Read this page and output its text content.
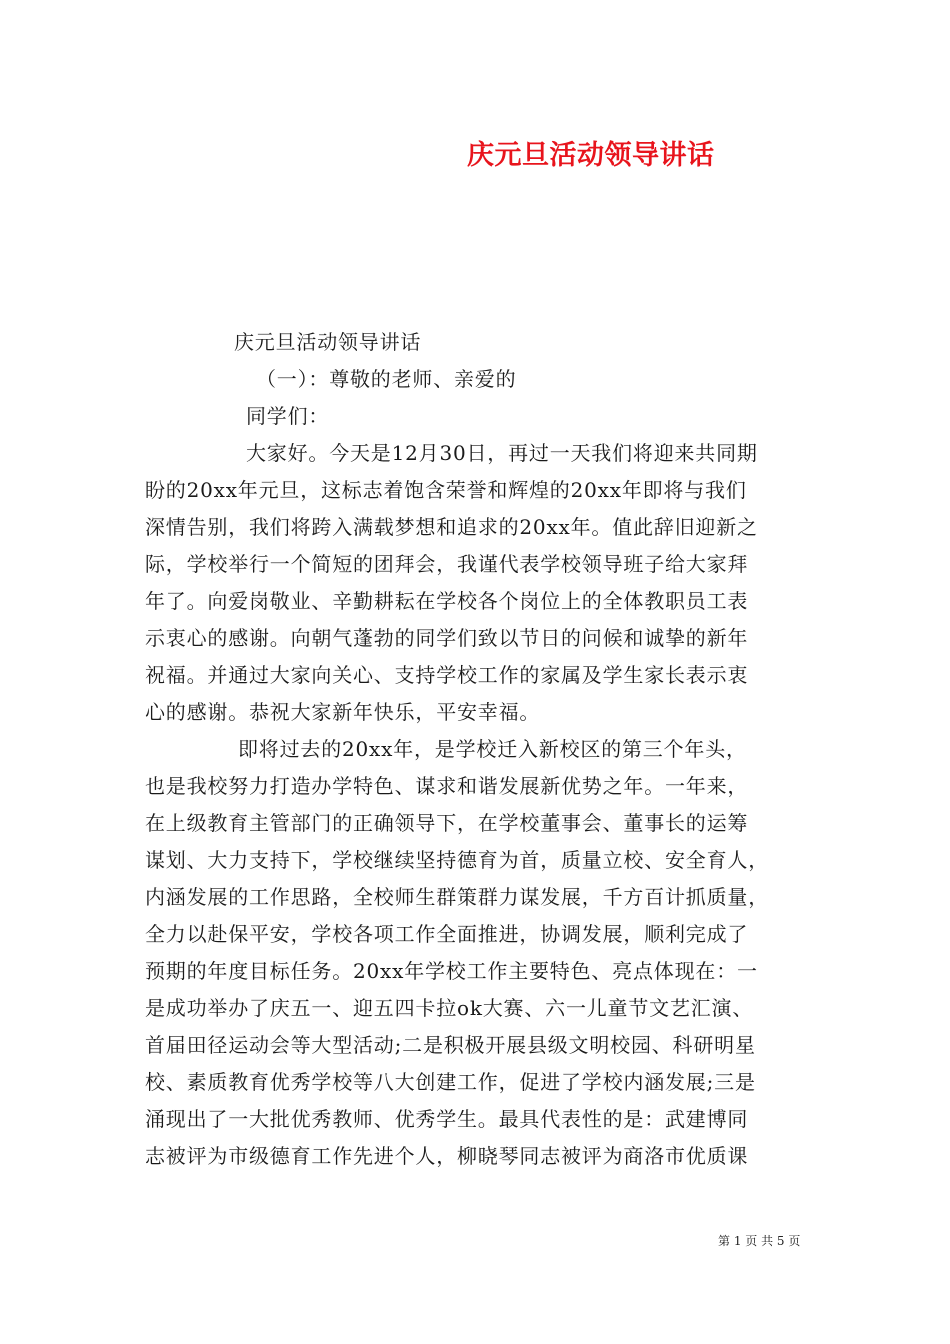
庆元旦活动领导讲话
庆元旦活动领导讲话
（一）：尊敬的老师、亲爱的
同学们：
大家好。今天是12月30日，再过一天我们将迎来共同期
盼的20xx年元旦，这标志着饱含荣誉和辉煌的20xx年即将与我们
深情告别，我们将跨入满载梦想和追求的20xx年。值此辞旧迎新之
际，学校举行一个简短的团拜会，我谨代表学校领导班子给大家拜
年了。向爱岗敬业、辛勤耕耘在学校各个岗位上的全体教职员工表
示衷心的感谢。向朝气蓬勃的同学们致以节日的问候和诚挚的新年
祝福。并通过大家向关心、支持学校工作的家属及学生家长表示衷
心的感谢。恭祝大家新年快乐，平安幸福。
即将过去的20xx年，是学校迁入新校区的第三个年头，
也是我校努力打造办学特色、谋求和谐发展新优势之年。一年来，
在上级教育主管部门的正确领导下，在学校董事会、董事长的运筹
谋划、大力支持下，学校继续坚持德育为首，质量立校、安全育人，
内涵发展的工作思路，全校师生群策群力谋发展，千方百计抓质量，
全力以赴保平安，学校各项工作全面推进，协调发展，顺利完成了
预期的年度目标任务。20xx年学校工作主要特色、亮点体现在：一
是成功举办了庆五一、迎五四卡拉ok大赛、六一儿童节文艺汇演、
首届田径运动会等大型活动;二是积极开展县级文明校园、科研明星
校、素质教育优秀学校等八大创建工作，促进了学校内涵发展;三是
涌现出了一大批优秀教师、优秀学生。最具代表性的是：武建博同
志被评为市级德育工作先进个人，柳晓琴同志被评为商洛市优质课
第 1 页 共 5 页
